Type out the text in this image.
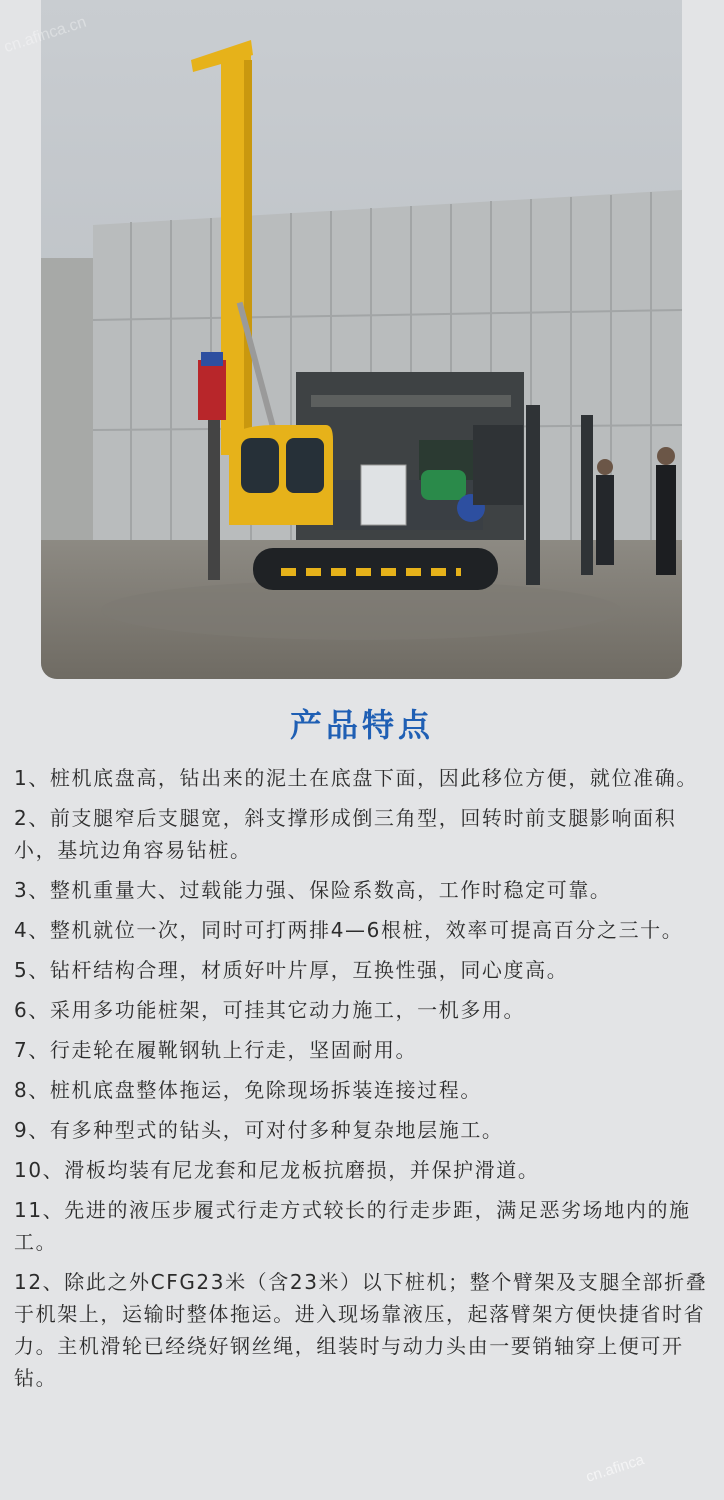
cn.afinca.cn
cn.afinca
产品特点
1、桩机底盘高，钻出来的泥土在底盘下面，因此移位方便，就位准确。
2、前支腿窄后支腿宽，斜支撑形成倒三角型，回转时前支腿影响面积小，基坑边角容易钻桩。
3、整机重量大、过载能力强、保险系数高，工作时稳定可靠。
4、整机就位一次，同时可打两排4—6根桩，效率可提高百分之三十。
5、钻杆结构合理，材质好叶片厚，互换性强，同心度高。
6、采用多功能桩架，可挂其它动力施工，一机多用。
7、行走轮在履靴钢轨上行走，坚固耐用。
8、桩机底盘整体拖运，免除现场拆装连接过程。
9、有多种型式的钻头，可对付多种复杂地层施工。
10、滑板均装有尼龙套和尼龙板抗磨损，并保护滑道。
11、先进的液压步履式行走方式较长的行走步距，满足恶劣场地内的施工。
12、除此之外CFG23米（含23米）以下桩机；整个臂架及支腿全部折叠于机架上，运输时整体拖运。进入现场靠液压，起落臂架方便快捷省时省力。主机滑轮已经绕好钢丝绳，组装时与动力头由一要销轴穿上便可开钻。
